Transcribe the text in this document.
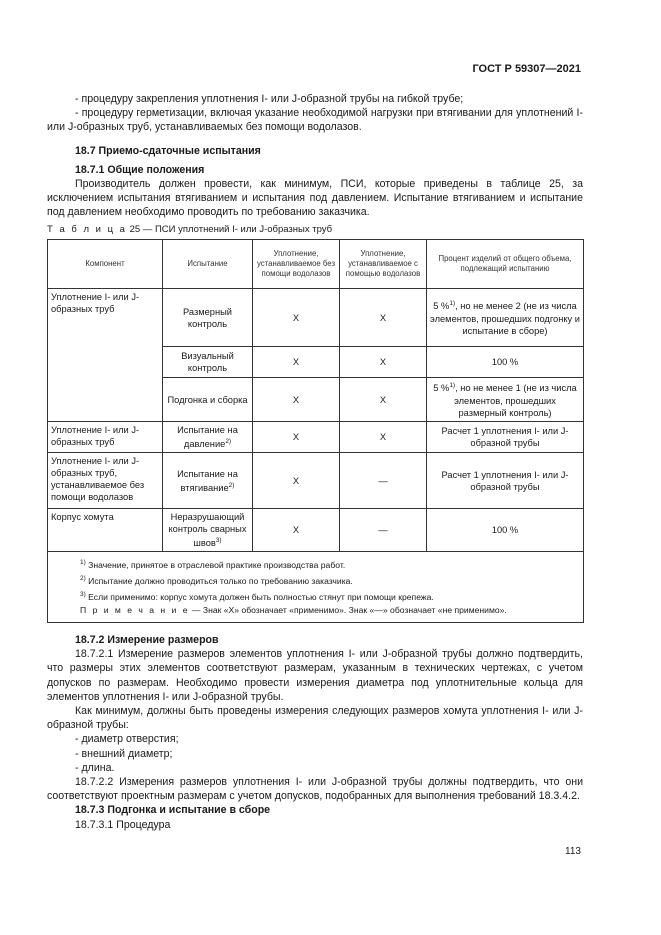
ГОСТ Р 59307—2021

- процедуру закрепления уплотнения I- или J-образной трубы на гибкой трубе;

- процедуру герметизации, включая указание необходимой нагрузки при втягивании для уплотнений I- или J-образных труб, устанавливаемых без помощи водолазов.

18.7 Приемо-сдаточные испытания

18.7.1 Общие положения

Производитель должен провести, как минимум, ПСИ, которые приведены в таблице 25, за исключением испытания втягиванием и испытания под давлением. Испытание втягиванием и испытание под давлением необходимо проводить по требованию заказчика.

Т а б л и ц а 25 — ПСИ уплотнений I- или J-образных труб
Компонент	Испытание	Уплотнение, устанавливаемое без помощи водолазов	Уплотнение, устанавливаемое с помощью водолазов	Процент изделий от общего объема, подлежащий испытанию
Уплотнение I- или J-образных труб	Размерный контроль	X	X	5 %$^{1)}$, но не менее 2 (не из числа элементов, прошедших подгонку и испытание в сборе)
	Визуальный контроль	X	X	100 %
	Подгонка и сборка	X	X	5 %$^{1)}$, но не менее 1 (не из числа элементов, прошедших размерный контроль)
Уплотнение I- или J-образных труб	Испытание на давление$^{2)}$	X	X	Расчет 1 уплотнения I- или J-образной трубы
Уплотнение I- или J-образных труб, устанавливаемое без помощи водолазов	Испытание на втягивание$^{2)}$	X	—	Расчет 1 уплотнения I- или J-образной трубы
Корпус хомута	Неразрушающий контроль сварных швов$^{3)}$	X	—	100 %

$^{1)}$ Значение, принятое в отраслевой практике производства работ.
$^{2)}$ Испытание должно проводиться только по требованию заказчика.
$^{3)}$ Если применимо: корпус хомута должен быть полностью стянут при помощи крепежа.
П р и м е ч а н и е — Знак «Х» обозначает «применимо». Знак «—» обозначает «не применимо».				

18.7.2 Измерение размеров

18.7.2.1 Измерение размеров элементов уплотнения I- или J-образной трубы должно подтвердить, что размеры этих элементов соответствуют размерам, указанным в технических чертежах, с учетом допусков по размерам. Необходимо провести измерения диаметра под уплотнительные кольца для элементов уплотнения I- или J-образной трубы.

Как минимум, должны быть проведены измерения следующих размеров хомута уплотнения I- или J-образной трубы:

- диаметр отверстия;

- внешний диаметр;

- длина.

18.7.2.2 Измерения размеров уплотнения I- или J-образной трубы должны подтвердить, что они соответствуют проектным размерам с учетом допусков, подобранных для выполнения требований 18.3.4.2.

18.7.3 Подгонка и испытание в сборе

18.7.3.1 Процедура

113
